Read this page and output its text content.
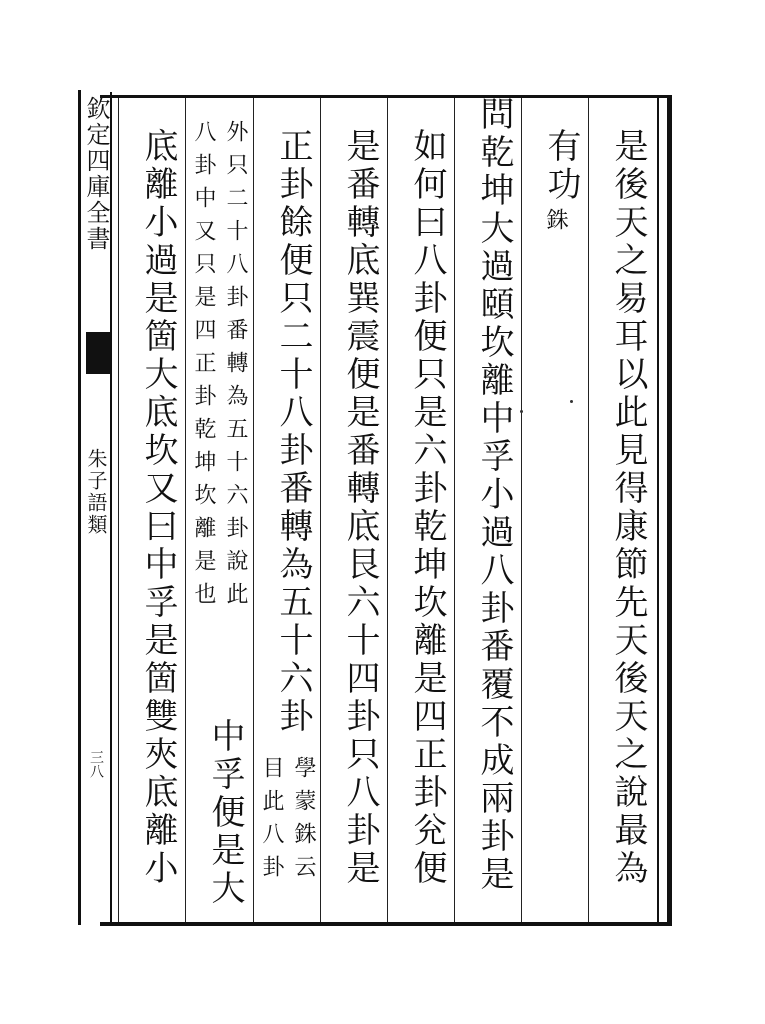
欽定四庫全書
朱子語類
三八	是後天之易耳以此見得康節先天後天之說最為
有功
銖
問乾坤大過頤坎離中孚小過八卦番覆不成兩卦是
如何曰八卦便只是六卦乾坤坎離是四正卦兊便
是番轉底巽震便是番轉底艮六十四卦只八卦是
正卦餘便只二十八卦番轉為五十六卦
學蒙銖云
目此八卦
外只二十八卦番轉為五十六卦說此
八卦中又只是四正卦乾坤坎離是也
中孚便是大
底離小過是箇大底坎又曰中孚是箇雙夾底離小
